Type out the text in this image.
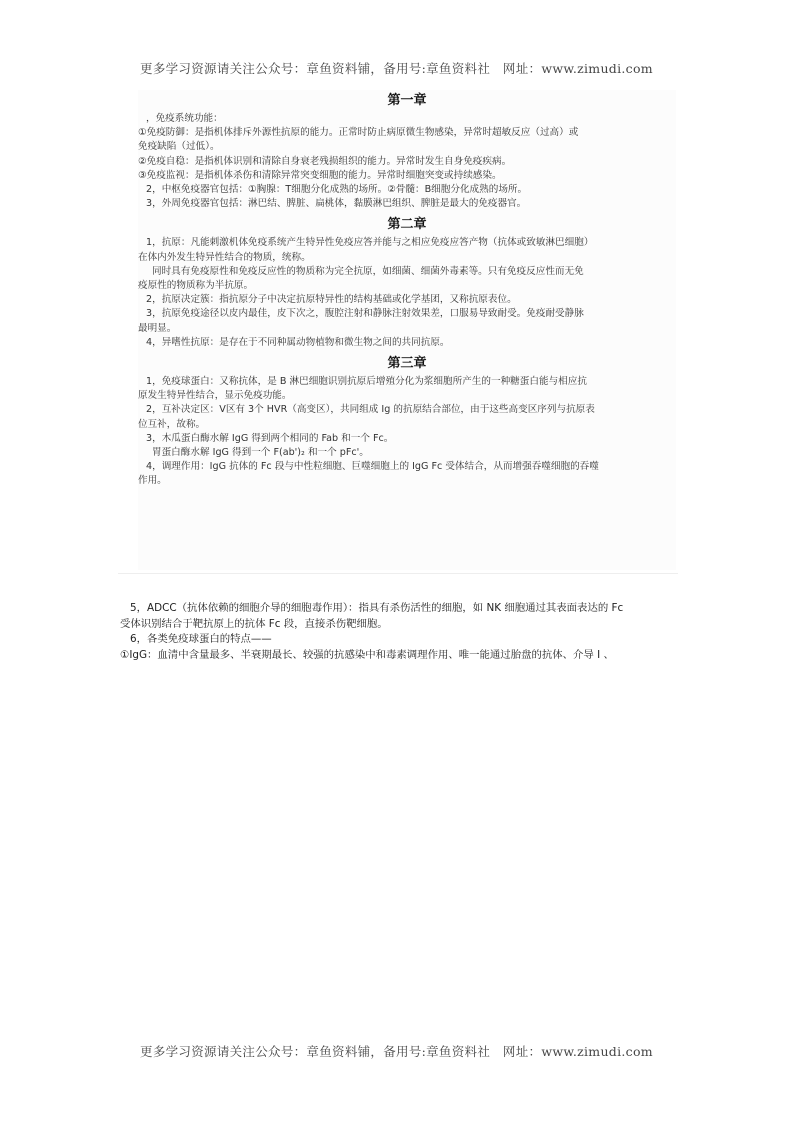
更多学习资源请关注公众号：章鱼资料铺，备用号:章鱼资料社　网址：www.zimudi.com
第一章

，免疫系统功能：

①免疫防御：是指机体排斥外源性抗原的能力。正常时防止病原微生物感染，异常时超敏反应（过高）或

免疫缺陷（过低）。

②免疫自稳：是指机体识别和清除自身衰老残损组织的能力。异常时发生自身免疫疾病。

③免疫监视：是指机体杀伤和清除异常突变细胞的能力。异常时细胞突变或持续感染。

2，中枢免疫器官包括：①胸腺：T细胞分化成熟的场所。②骨髓：B细胞分化成熟的场所。

3，外周免疫器官包括：淋巴结、脾脏、扁桃体，黏膜淋巴组织、脾脏是最大的免疫器官。

第二章

1，抗原：凡能刺激机体免疫系统产生特异性免疫应答并能与之相应免疫应答产物（抗体或致敏淋巴细胞）

在体内外发生特异性结合的物质，统称。

同时具有免疫原性和免疫反应性的物质称为完全抗原，如细菌、细菌外毒素等。只有免疫反应性而无免

疫原性的物质称为半抗原。

2，抗原决定簇：指抗原分子中决定抗原特异性的结构基础或化学基团，又称抗原表位。

3，抗原免疫途径以皮内最佳，皮下次之，腹腔注射和静脉注射效果差，口服易导致耐受。免疫耐受静脉

最明显。

4，异嗜性抗原：是存在于不同种属动物植物和微生物之间的共同抗原。

第三章

1，免疫球蛋白：又称抗体，是 B 淋巴细胞识别抗原后增殖分化为浆细胞所产生的一种糖蛋白能与相应抗

原发生特异性结合，显示免疫功能。

2，互补决定区：V区有 3个 HVR（高变区），共同组成 Ig 的抗原结合部位，由于这些高变区序列与抗原表

位互补，故称。

3，木瓜蛋白酶水解 IgG 得到两个相同的 Fab 和一个 Fc。

胃蛋白酶水解 IgG 得到一个 F(ab')₂ 和一个 pFc'。

4，调理作用：IgG 抗体的 Fc 段与中性粒细胞、巨噬细胞上的 IgG Fc 受体结合，从而增强吞噬细胞的吞噬

作用。

5，ADCC（抗体依赖的细胞介导的细胞毒作用）：指具有杀伤活性的细胞，如 NK 细胞通过其表面表达的 Fc

受体识别结合于靶抗原上的抗体 Fc 段，直接杀伤靶细胞。

6，各类免疫球蛋白的特点——

①IgG：血清中含量最多、半衰期最长、较强的抗感染中和毒素调理作用、唯一能通过胎盘的抗体、介导 I 、

更多学习资源请关注公众号：章鱼资料铺，备用号:章鱼资料社　网址：www.zimudi.com
